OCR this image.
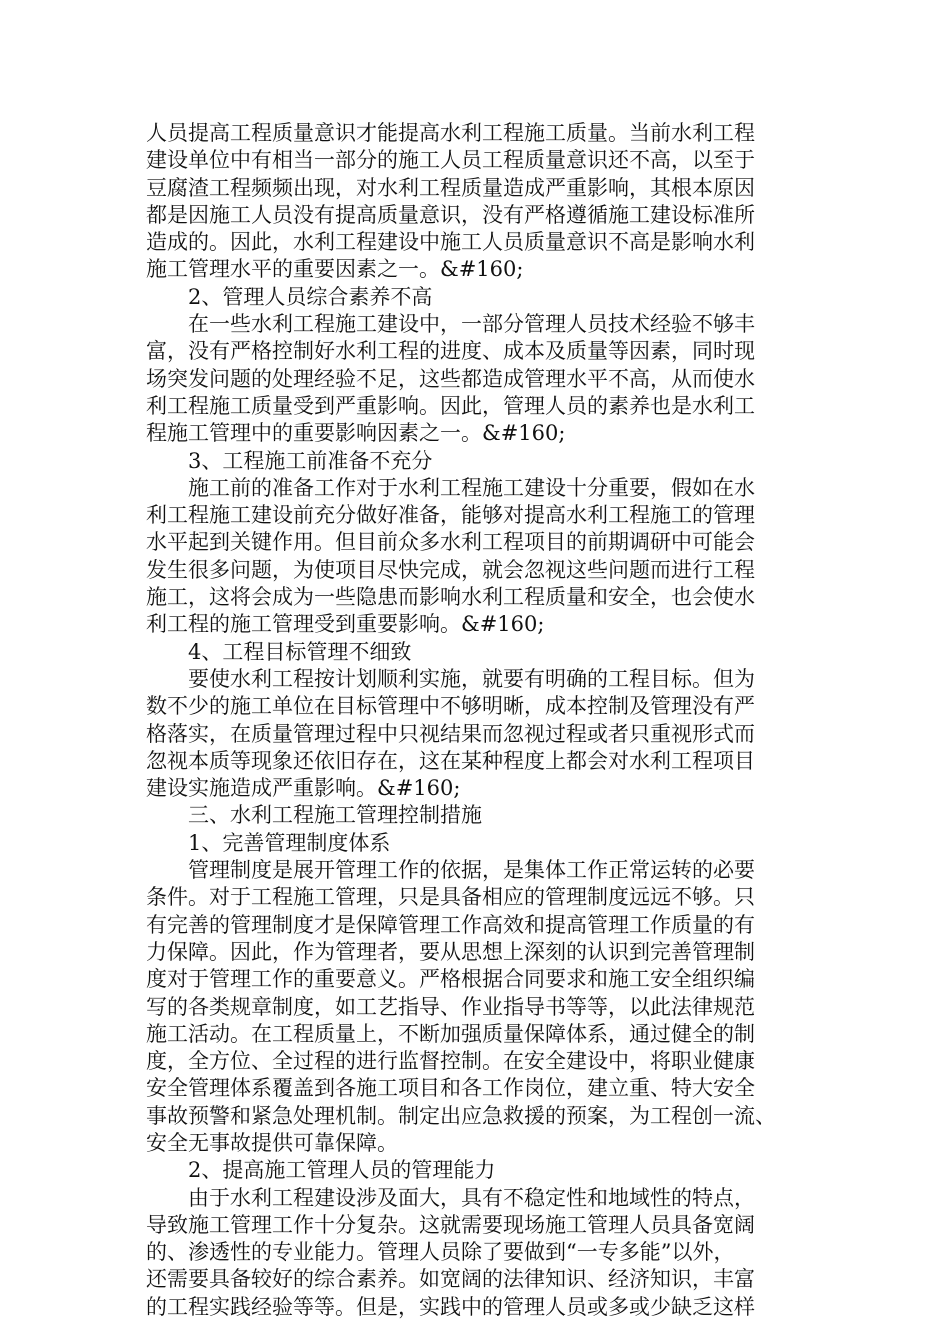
人员提高工程质量意识才能提高水利工程施工质量。当前水利工程
建设单位中有相当一部分的施工人员工程质量意识还不高，以至于
豆腐渣工程频频出现，对水利工程质量造成严重影响，其根本原因
都是因施工人员没有提高质量意识，没有严格遵循施工建设标准所
造成的。因此，水利工程建设中施工人员质量意识不高是影响水利
施工管理水平的重要因素之一。&#160;
2、管理人员综合素养不高
在一些水利工程施工建设中，一部分管理人员技术经验不够丰
富，没有严格控制好水利工程的进度、成本及质量等因素，同时现
场突发问题的处理经验不足，这些都造成管理水平不高，从而使水
利工程施工质量受到严重影响。因此，管理人员的素养也是水利工
程施工管理中的重要影响因素之一。&#160;
3、工程施工前准备不充分
施工前的准备工作对于水利工程施工建设十分重要，假如在水
利工程施工建设前充分做好准备，能够对提高水利工程施工的管理
水平起到关键作用。但目前众多水利工程项目的前期调研中可能会
发生很多问题，为使项目尽快完成，就会忽视这些问题而进行工程
施工，这将会成为一些隐患而影响水利工程质量和安全，也会使水
利工程的施工管理受到重要影响。&#160;
4、工程目标管理不细致
要使水利工程按计划顺利实施，就要有明确的工程目标。但为
数不少的施工单位在目标管理中不够明晰，成本控制及管理没有严
格落实，在质量管理过程中只视结果而忽视过程或者只重视形式而
忽视本质等现象还依旧存在，这在某种程度上都会对水利工程项目
建设实施造成严重影响。&#160;
三、水利工程施工管理控制措施
1、完善管理制度体系
管理制度是展开管理工作的依据，是集体工作正常运转的必要
条件。对于工程施工管理，只是具备相应的管理制度远远不够。只
有完善的管理制度才是保障管理工作高效和提高管理工作质量的有
力保障。因此，作为管理者，要从思想上深刻的认识到完善管理制
度对于管理工作的重要意义。严格根据合同要求和施工安全组织编
写的各类规章制度，如工艺指导、作业指导书等等，以此法律规范
施工活动。在工程质量上，不断加强质量保障体系，通过健全的制
度，全方位、全过程的进行监督控制。在安全建设中，将职业健康
安全管理体系覆盖到各施工项目和各工作岗位，建立重、特大安全
事故预警和紧急处理机制。制定出应急救援的预案，为工程创一流、
安全无事故提供可靠保障。
2、提高施工管理人员的管理能力
由于水利工程建设涉及面大，具有不稳定性和地域性的特点，
导致施工管理工作十分复杂。这就需要现场施工管理人员具备宽阔
的、渗透性的专业能力。管理人员除了要做到“一专多能”以外，
还需要具备较好的综合素养。如宽阔的法律知识、经济知识，丰富
的工程实践经验等等。但是，实践中的管理人员或多或少缺乏这样
